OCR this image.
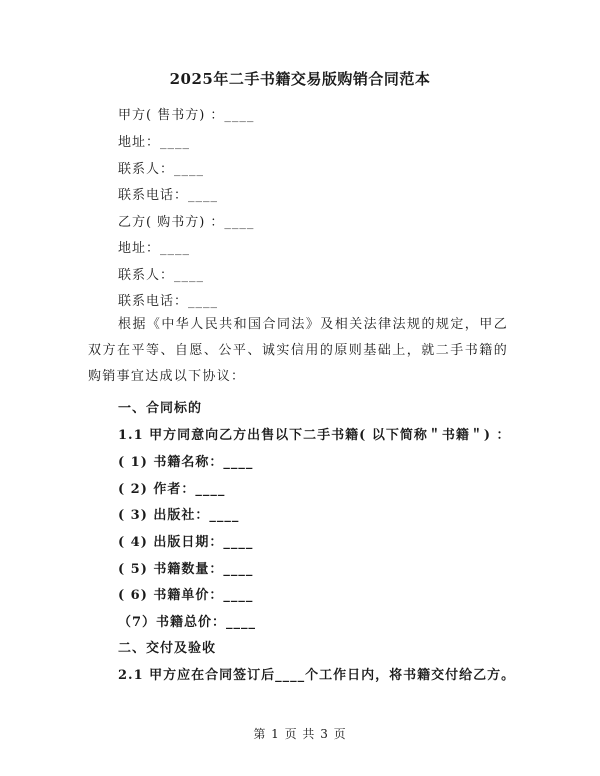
2025年二手书籍交易版购销合同范本
甲方( 售书方) ：____
地址：____
联系人：____
联系电话：____
乙方( 购书方) ：____
地址：____
联系人：____
联系电话：____
根据《中华人民共和国合同法》及相关法律法规的规定，甲乙双方在平等、自愿、公平、诚实信用的原则基础上，就二手书籍的购销事宜达成以下协议：
一、合同标的
1.1 甲方同意向乙方出售以下二手书籍( 以下简称＂书籍＂) ：
( 1) 书籍名称：____
( 2) 作者：____
( 3) 出版社：____
( 4) 出版日期：____
( 5) 书籍数量：____
( 6) 书籍单价：____
（7）书籍总价：____
二、交付及验收
2.1 甲方应在合同签订后____个工作日内，将书籍交付给乙方。
第 1 页 共 3 页
